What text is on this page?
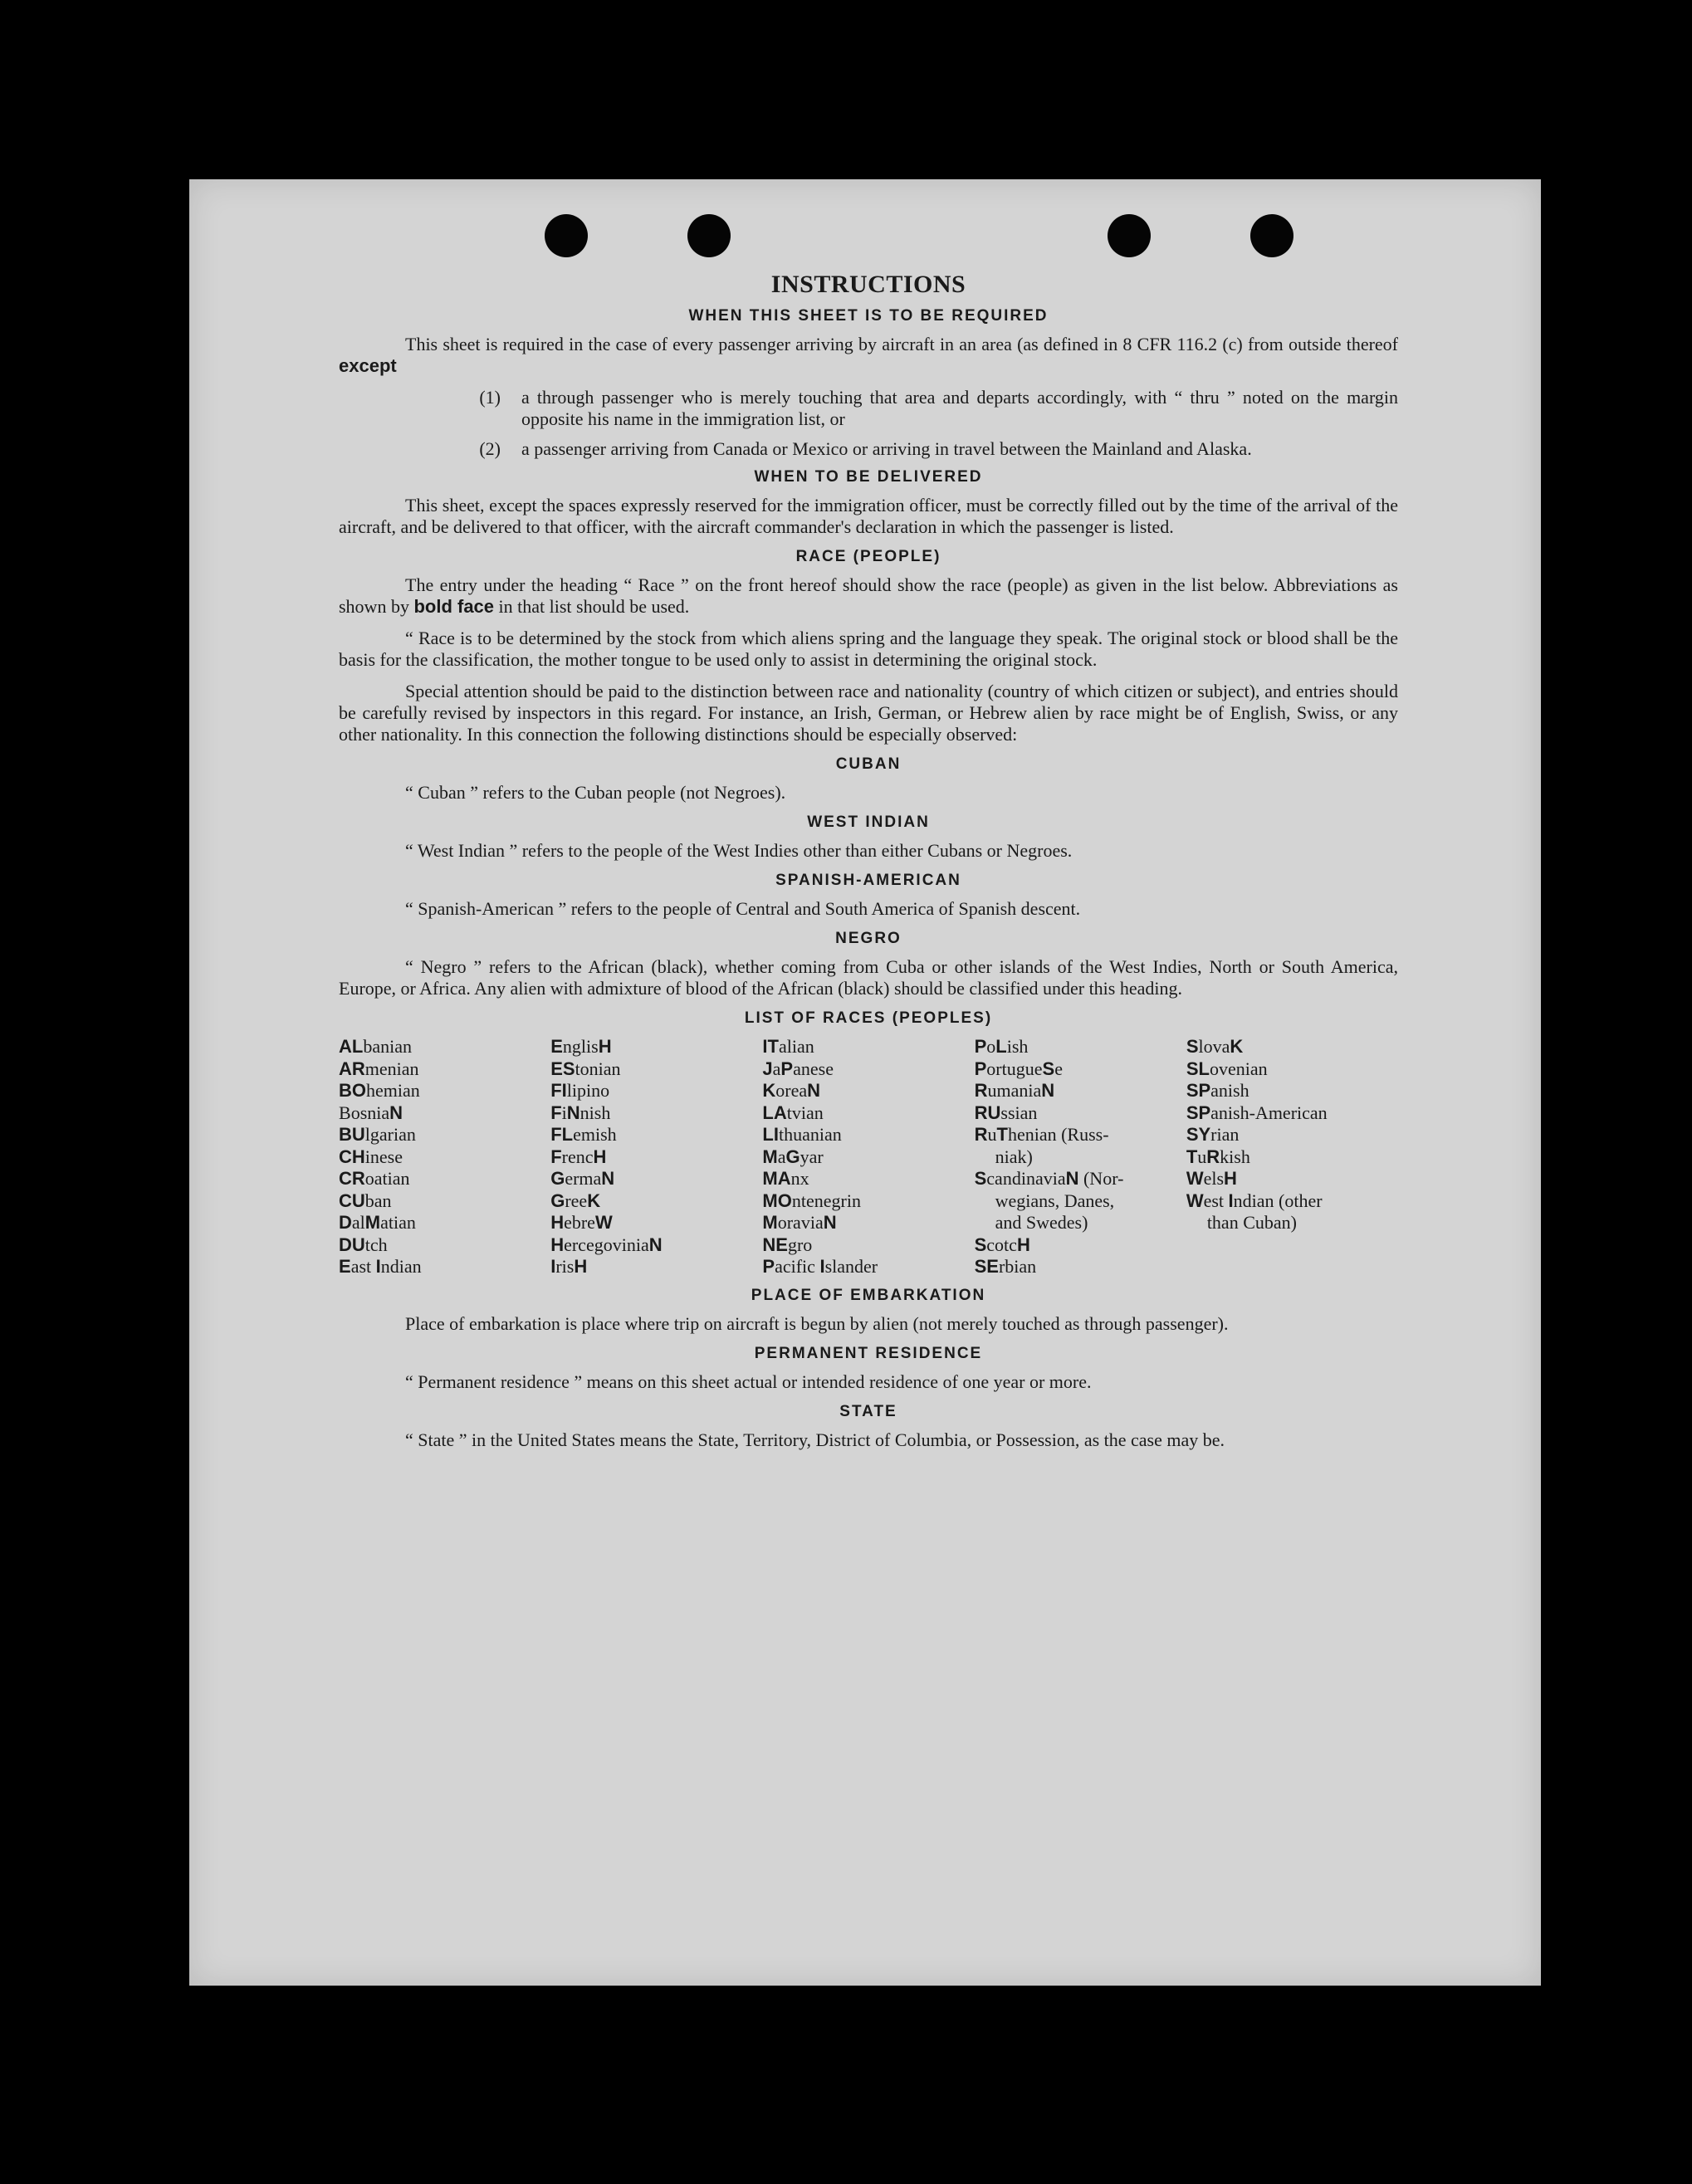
INSTRUCTIONS
WHEN THIS SHEET IS TO BE REQUIRED

This sheet is required in the case of every passenger arriving by aircraft in an area (as defined in 8 CFR 116.2 (c) from outside thereof except

(1)	a through passenger who is merely touching that area and departs accordingly, with “ thru ” noted on the margin opposite his name in the immigration list, or
(2)	a passenger arriving from Canada or Mexico or arriving in travel between the Mainland and Alaska.
WHEN TO BE DELIVERED

This sheet, except the spaces expressly reserved for the immigration officer, must be correctly filled out by the time of the arrival of the aircraft, and be delivered to that officer, with the aircraft commander's declaration in which the passenger is listed.

RACE (PEOPLE)

The entry under the heading “ Race ” on the front hereof should show the race (people) as given in the list below. Abbreviations as shown by bold face in that list should be used.

“ Race is to be determined by the stock from which aliens spring and the language they speak. The original stock or blood shall be the basis for the classification, the mother tongue to be used only to assist in determining the original stock.

Special attention should be paid to the distinction between race and nationality (country of which citizen or subject), and entries should be carefully revised by inspectors in this regard. For instance, an Irish, German, or Hebrew alien by race might be of English, Swiss, or any other nationality. In this connection the following distinctions should be especially observed:

CUBAN

“ Cuban ” refers to the Cuban people (not Negroes).

WEST INDIAN

“ West Indian ” refers to the people of the West Indies other than either Cubans or Negroes.

SPANISH-AMERICAN

“ Spanish-American ” refers to the people of Central and South America of Spanish descent.

NEGRO

“ Negro ” refers to the African (black), whether coming from Cuba or other islands of the West Indies, North or South America, Europe, or Africa. Any alien with admixture of blood of the African (black) should be classified under this heading.

LIST OF RACES (PEOPLES)
ALbanian
ARmenian
BOhemian
BosniaN
BUlgarian
CHinese
CRoatian
CUban
DalMatian
DUtch
East Indian
EnglisH
EStonian
FIlipino
FiNnish
FLemish
FrencH
GermaN
GreeK
HebreW
HercegoviniaN
IrisH
ITalian
JaPanese
KoreaN
LAtvian
LIthuanian
MaGyar
MAnx
MOntenegrin
MoraviaN
NEgro
Pacific Islander
PoLish
PortugueSe
RumaniaN
RUssian
RuThenian (Russ-
niak)
ScandinaviaN (Nor-
wegians, Danes,
and Swedes)
ScotcH
SErbian
SlovaK
SLovenian
SPanish
SPanish-American
SYrian
TuRkish
WelsH
West Indian (other
than Cuban)
PLACE OF EMBARKATION

Place of embarkation is place where trip on aircraft is begun by alien (not merely touched as through passenger).

PERMANENT RESIDENCE

“ Permanent residence ” means on this sheet actual or intended residence of one year or more.

STATE

“ State ” in the United States means the State, Territory, District of Columbia, or Possession, as the case may be.
